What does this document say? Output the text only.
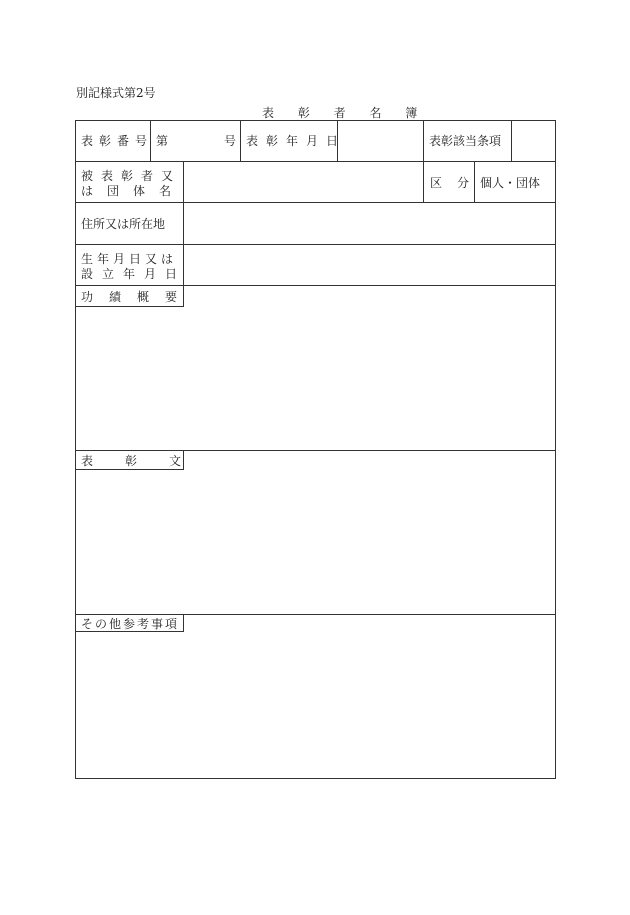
別記様式第2号
表 彰 者 名 簿
表彰番号 第	号 表彰年月日	表彰該当条項
被表彰者又
は団体名
区 分 個人・団体
住所又は所在地
生年月日又は
設立年月日
功績概要
表彰文
その他参考事項
